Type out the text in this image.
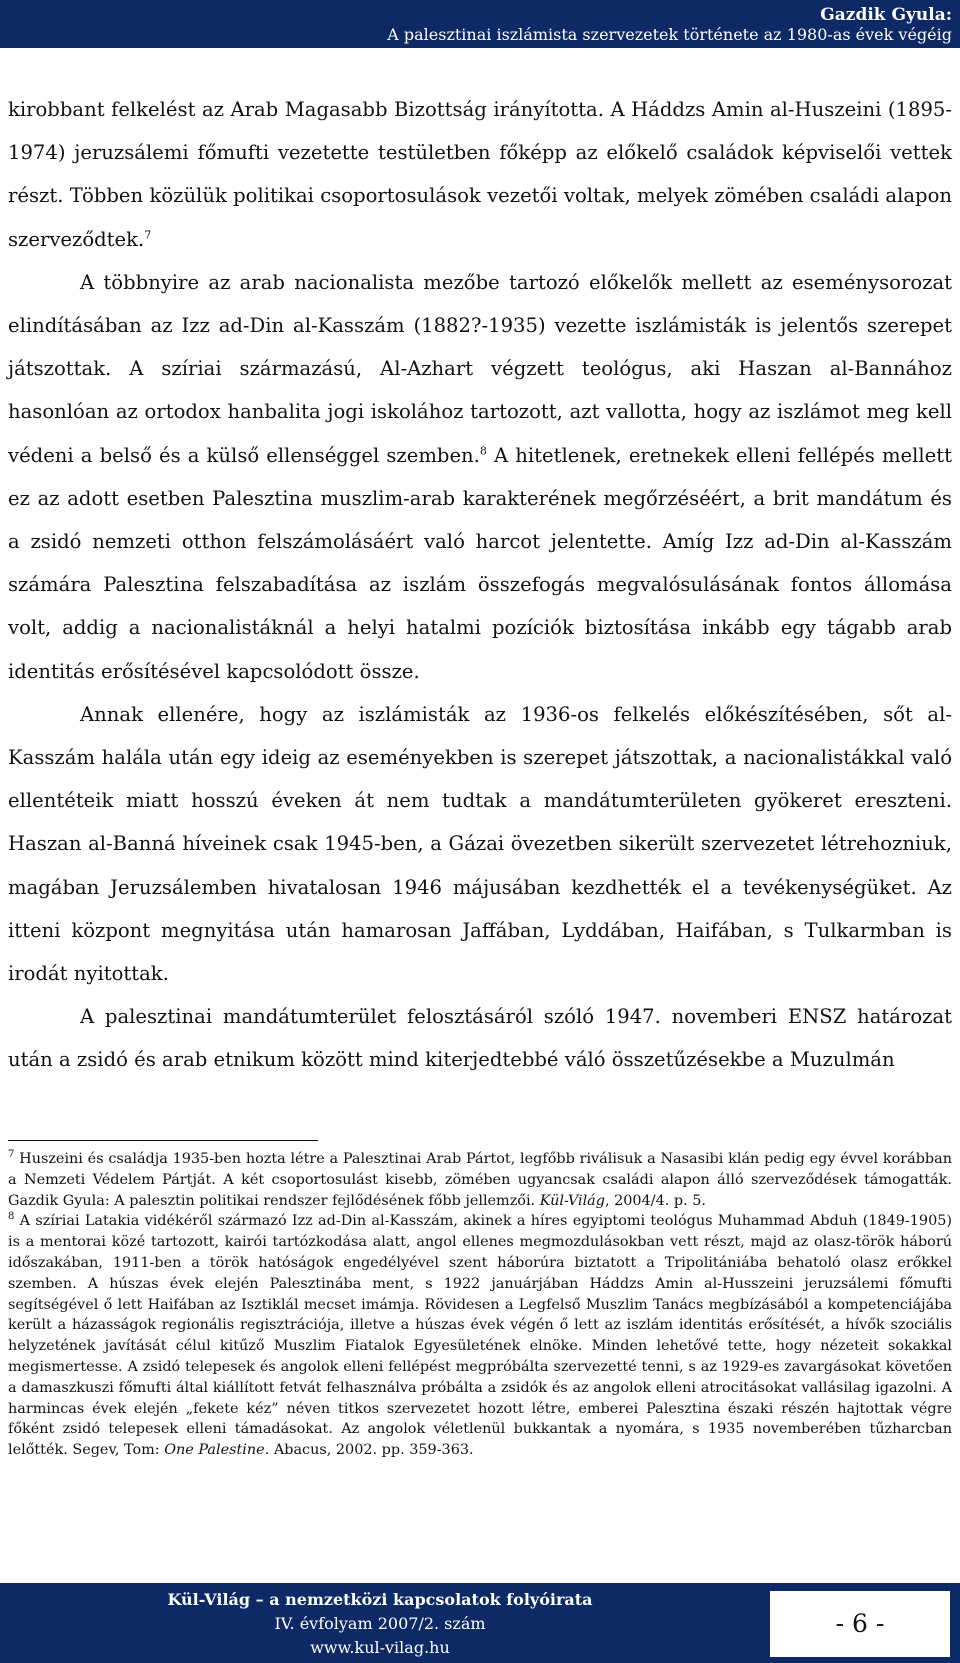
Gazdik Gyula:
A palesztinai iszlámista szervezetek története az 1980-as évek végéig

kirobbant felkelést az Arab Magasabb Bizottság irányította. A Háddzs Amin al-Huszeini (1895-1974) jeruzsálemi főmufti vezetette testületben főképp az előkelő családok képviselői vettek részt. Többen közülük politikai csoportosulások vezetői voltak, melyek zömében családi alapon szerveződtek.$^7$

A többnyire az arab nacionalista mezőbe tartozó előkelők mellett az eseménysorozat elindításában az Izz ad-Din al-Kasszám (1882?-1935) vezette iszlámisták is jelentős szerepet játszottak. A szíriai származású, Al-Azhart végzett teológus, aki Haszan al-Bannához hasonlóan az ortodox hanbalita jogi iskolához tartozott, azt vallotta, hogy az iszlámot meg kell védeni a belső és a külső ellenséggel szemben.$^8$ A hitetlenek, eretnekek elleni fellépés mellett ez az adott esetben Palesztina muszlim-arab karakterének megőrzéséért, a brit mandátum és a zsidó nemzeti otthon felszámolásáért való harcot jelentette. Amíg Izz ad-Din al-Kasszám számára Palesztina felszabadítása az iszlám összefogás megvalósulásának fontos állomása volt, addig a nacionalistáknál a helyi hatalmi pozíciók biztosítása inkább egy tágabb arab identitás erősítésével kapcsolódott össze.

Annak ellenére, hogy az iszlámisták az 1936-os felkelés előkészítésében, sőt al-Kasszám halála után egy ideig az eseményekben is szerepet játszottak, a nacionalistákkal való ellentéteik miatt hosszú éveken át nem tudtak a mandátumterületen gyökeret ereszteni. Haszan al-Banná híveinek csak 1945-ben, a Gázai övezetben sikerült szervezetet létrehozniuk, magában Jeruzsálemben hivatalosan 1946 májusában kezdhették el a tevékenységüket. Az itteni központ megnyitása után hamarosan Jaffában, Lyddában, Haifában, s Tulkarmban is irodát nyitottak.

A palesztinai mandátumterület felosztásáról szóló 1947. novemberi ENSZ határozat után a zsidó és arab etnikum között mind kiterjedtebbé váló összetűzésekbe a Muzulmán

$^7$ Huszeini és családja 1935-ben hozta létre a Palesztinai Arab Pártot, legfőbb riválisuk a Nasasibi klán pedig egy évvel korábban a Nemzeti Védelem Pártját. A két csoportosulást kisebb, zömében ugyancsak családi alapon álló szerveződések támogatták. Gazdik Gyula: A palesztin politikai rendszer fejlődésének főbb jellemzői. Kül-Világ, 2004/4. p. 5.

$^8$ A szíriai Latakia vidékéről származó Izz ad-Din al-Kasszám, akinek a híres egyiptomi teológus Muhammad Abduh (1849-1905) is a mentorai közé tartozott, kairói tartózkodása alatt, angol ellenes megmozdulásokban vett részt, majd az olasz-török háború időszakában, 1911-ben a török hatóságok engedélyével szent háborúra biztatott a Tripolitániába behatoló olasz erőkkel szemben. A húszas évek elején Palesztinába ment, s 1922 januárjában Háddzs Amin al-Husszeini jeruzsálemi főmufti segítségével ő lett Haifában az Isztiklál mecset imámja. Rövidesen a Legfelső Muszlim Tanács megbízásából a kompetenciájába került a házasságok regionális regisztrációja, illetve a húszas évek végén ő lett az iszlám identitás erősítését, a hívők szociális helyzetének javítását célul kitűző Muszlim Fiatalok Egyesületének elnöke. Minden lehetővé tette, hogy nézeteit sokakkal megismertesse. A zsidó telepesek és angolok elleni fellépést megpróbálta szervezetté tenni, s az 1929-es zavargásokat követően a damaszkuszi főmufti által kiállított fetvát felhasználva próbálta a zsidók és az angolok elleni atrocitásokat vallásilag igazolni. A harmincas évek elején „fekete kéz” néven titkos szervezetet hozott létre, emberei Palesztina északi részén hajtottak végre főként zsidó telepesek elleni támadásokat. Az angolok véletlenül bukkantak a nyomára, s 1935 novemberében tűzharcban lelőtték. Segev, Tom: One Palestine. Abacus, 2002. pp. 359-363.

Kül-Világ – a nemzetközi kapcsolatok folyóirata
IV. évfolyam 2007/2. szám
www.kul-vilag.hu
- 6 -
